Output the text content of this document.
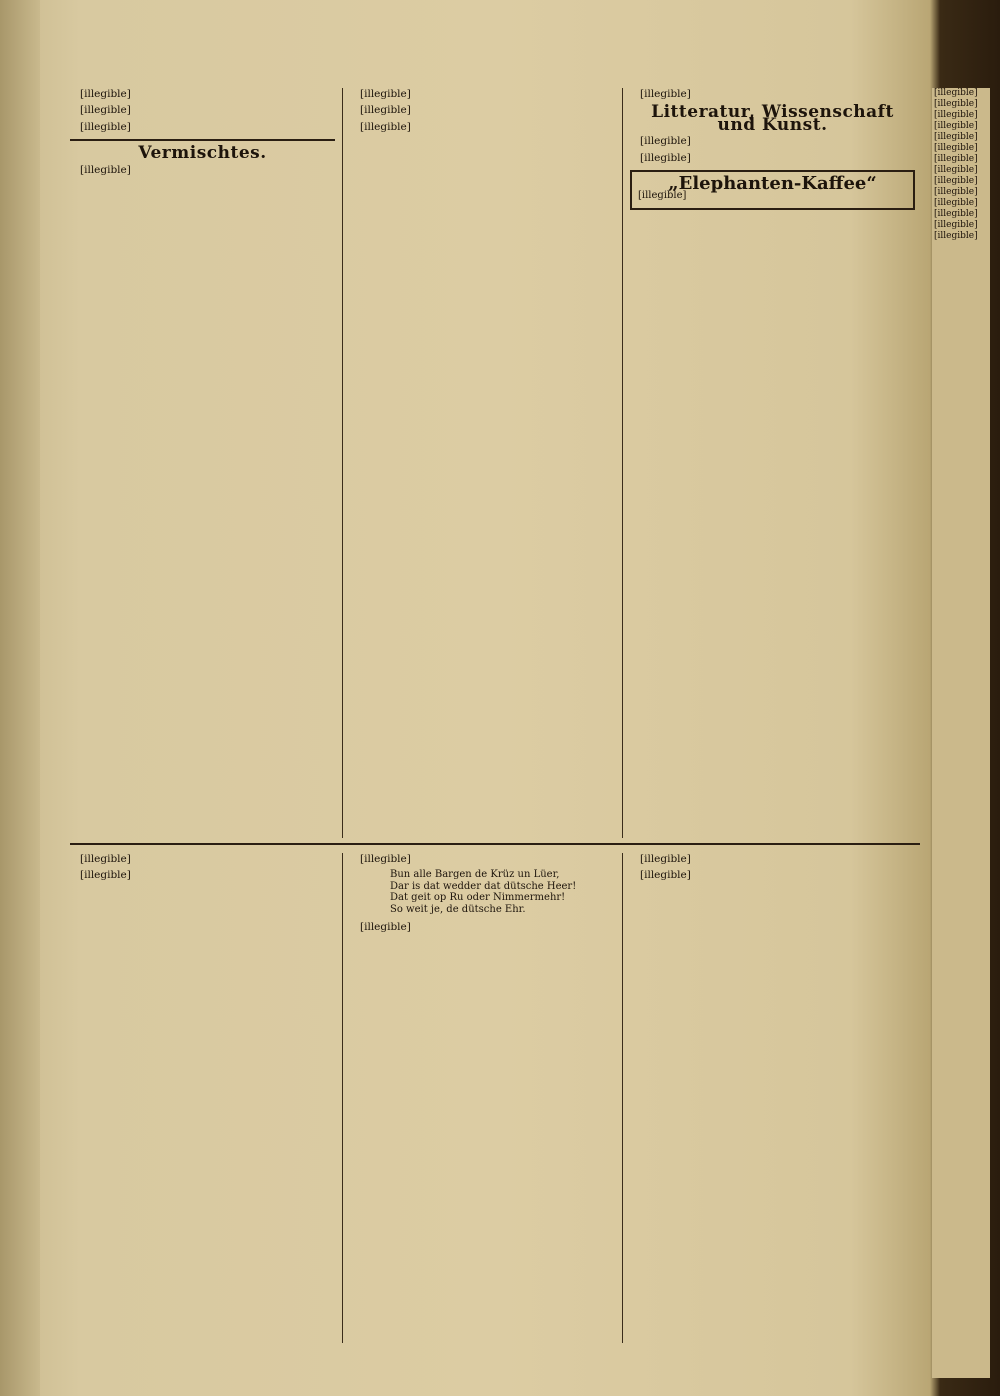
[illegible]

[illegible]

[illegible]

Vermischtes.

[illegible]

[illegible]

[illegible]

[illegible]

[illegible]

Litteratur, Wissenschaft und Kunst.

[illegible]

[illegible]

„Elephanten-Kaffee“
[illegible]

[illegible]

[illegible]

[illegible]

Bun alle Bargen de Krüz un Lüer,
Dar is dat wedder dat dütsche Heer!
Dat geit op Ru oder Nimmermehr!
So weit je, de dütsche Ehr.

[illegible]

[illegible]

[illegible]

[illegible]
[illegible]
[illegible]
[illegible]
[illegible]
[illegible]
[illegible]
[illegible]
[illegible]
[illegible]
[illegible]
[illegible]
[illegible]
[illegible]
